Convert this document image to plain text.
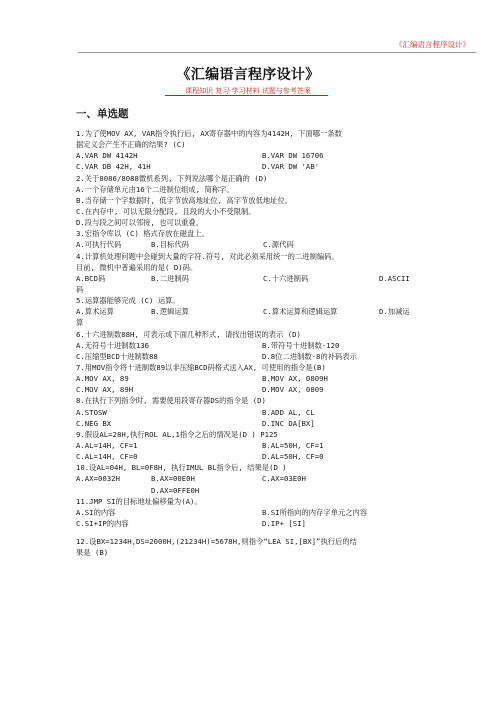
《汇编语言程序设计》
《汇编语言程序设计》
课程知识 复习 学习材料 试题与参考答案
一、单选题
1.为了使MOV AX, VAR指令执行后, AX寄存器中的内容为4142H, 下面哪一条数
据定义会产生不正确的结果? (C)
A.VAR DW 4142H	B.VAR DW 16706
C.VAR DB 42H, 41H	D.VAR DW 'AB'
2.关于8086/8088微机系列, 下列说法哪个是正确的 (D)
A.一个存储单元由16个二进制位组成, 简称字。
B.当存储一个字数据时, 低字节放高地址位, 高字节放低地址位。
C.在内存中, 可以无限分配段, 且段的大小不受限制。
D.段与段之间可以邻接, 也可以重叠。
3.宏指令库以 (C) 格式存放在磁盘上。
A.可执行代码	B.目标代码	C.源代码
4.计算机处理问题中会碰到大量的字符.符号, 对此必须采用统一的二进制编码。
目前, 微机中普遍采用的是( D)码。
A.BCD码	B.二进制码	C.十六进制码	D.ASCII
码
5.运算器能够完成 (C) 运算。
A.算术运算	B.逻辑运算	C.算术运算和逻辑运算	D.加减运
算
6.十六进制数88H, 可表示成下面几种形式, 请找出错误的表示 (D)
A.无符号十进制数136	B.带符号十进制数-120
C.压缩型BCD十进制数88	D.8位二进制数-8的补码表示
7.用MOV指令将十进制数89以非压缩BCD码格式送入AX, 可使用的指令是(B)
A.MOV AX, 89	B.MOV AX, 0809H
C.MOV AX, 89H	D.MOV AX, 0809
8.在执行下列指令时, 需要使用段寄存器DS的指令是 (D)
A.STOSW	B.ADD AL, CL
C.NEG BX	D.INC DA[BX]
9.假设AL=28H,执行ROL AL,1指令之后的情况是(D ) P125
A.AL=14H, CF=1	B.AL=50H, CF=1
C.AL=14H, CF=0	D.AL=50H, CF=0
10.设AL=04H, BL=0F8H, 执行IMUL BL指令后, 结果是(D )
A.AX=0032H	B.AX=00E0H	C.AX=03E0H
D.AX=0FFE0H
11.JMP SI的目标地址偏移量为(A)。
A.SI的内容	B.SI所指向的内存字单元之内容
C.SI+IP的内容	D.IP+ [SI]
12.设BX=1234H,DS=2000H,(21234H)=5678H,则指令“LEA SI,[BX]”执行后的结
果是 (B)
